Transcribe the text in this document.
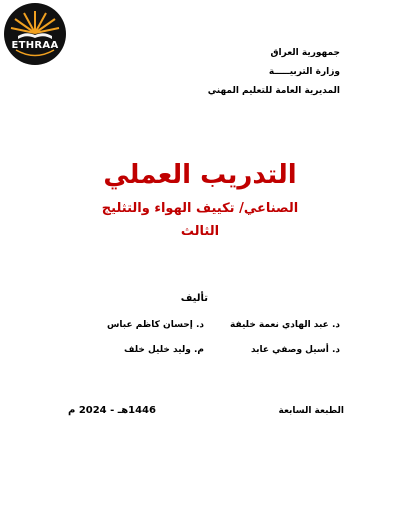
ETHRAA
جمهورية العراق
وزارة التربيـــــة
المديرية العامة للتعليم المهني
التدريب العملي
الصناعي/ تكييف الهواء والتثليج
الثالث
تأليف
د. عبد الهادي نعمة خليفة
د. إحسان كاظم عباس
د. أسيل وصفي عابد
م. وليد خليل خلف
الطبعة السابعة
1446هـ - 2024 م
